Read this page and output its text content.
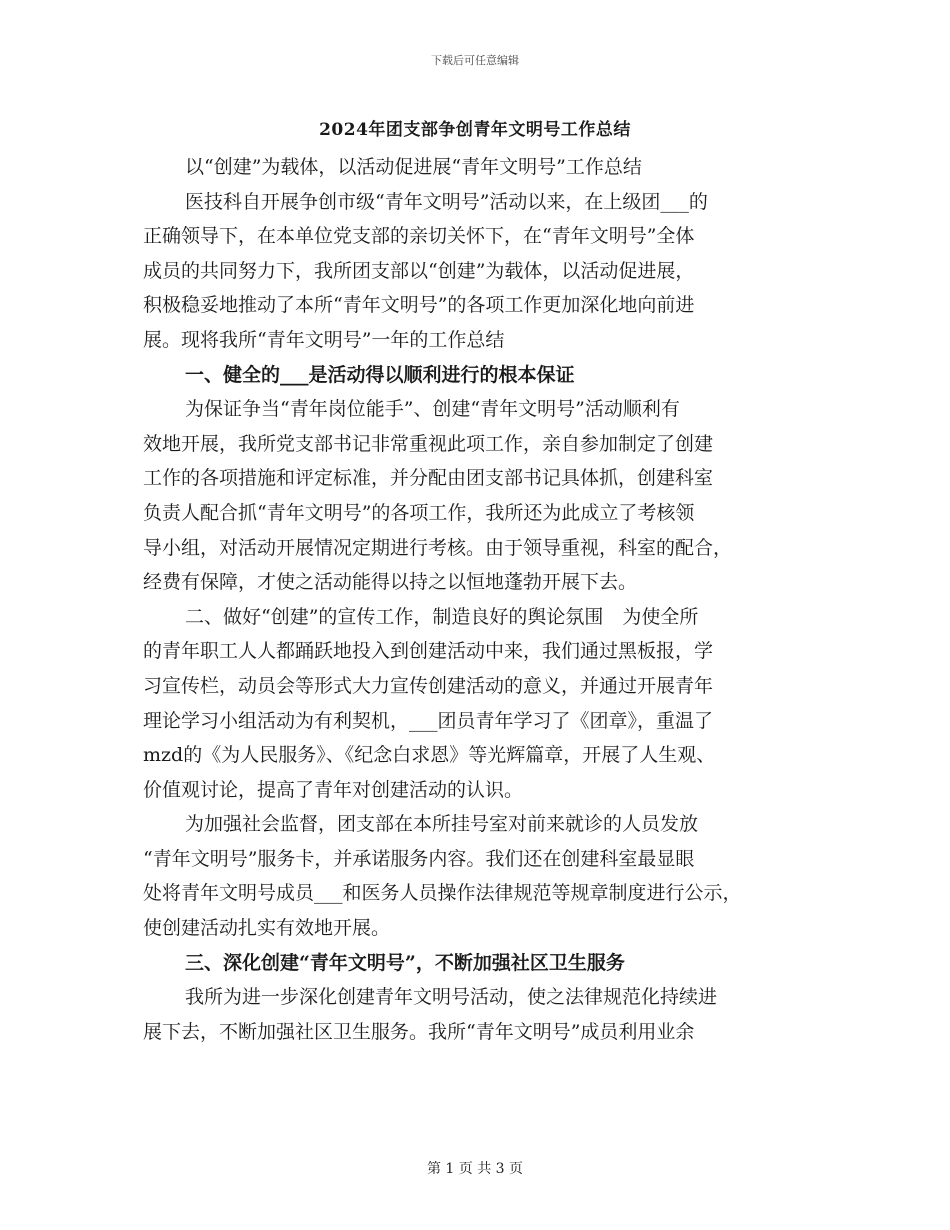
下载后可任意编辑
2024年团支部争创青年文明号工作总结
以“创建”为载体，以活动促进展“青年文明号”工作总结
医技科自开展争创市级“青年文明号”活动以来，在上级团___的
正确领导下，在本单位党支部的亲切关怀下，在“青年文明号”全体
成员的共同努力下，我所团支部以“创建”为载体，以活动促进展，
积极稳妥地推动了本所“青年文明号”的各项工作更加深化地向前进
展。现将我所“青年文明号”一年的工作总结
一、健全的___是活动得以顺利进行的根本保证
为保证争当“青年岗位能手”、创建“青年文明号”活动顺利有
效地开展，我所党支部书记非常重视此项工作，亲自参加制定了创建
工作的各项措施和评定标准，并分配由团支部书记具体抓，创建科室
负责人配合抓“青年文明号”的各项工作，我所还为此成立了考核领
导小组，对活动开展情况定期进行考核。由于领导重视，科室的配合，
经费有保障，才使之活动能得以持之以恒地蓬勃开展下去。
二、做好“创建”的宣传工作，制造良好的舆论氛围　为使全所
的青年职工人人都踊跃地投入到创建活动中来，我们通过黑板报，学
习宣传栏，动员会等形式大力宣传创建活动的意义，并通过开展青年
理论学习小组活动为有利契机，___团员青年学习了《团章》，重温了
mzd的《为人民服务》、《纪念白求恩》等光辉篇章，开展了人生观、
价值观讨论，提高了青年对创建活动的认识。
为加强社会监督，团支部在本所挂号室对前来就诊的人员发放
“青年文明号”服务卡，并承诺服务内容。我们还在创建科室最显眼
处将青年文明号成员___和医务人员操作法律规范等规章制度进行公示，
使创建活动扎实有效地开展。
三、深化创建“青年文明号”，不断加强社区卫生服务
我所为进一步深化创建青年文明号活动，使之法律规范化持续进
展下去，不断加强社区卫生服务。我所“青年文明号”成员利用业余
第 1 页 共 3 页
